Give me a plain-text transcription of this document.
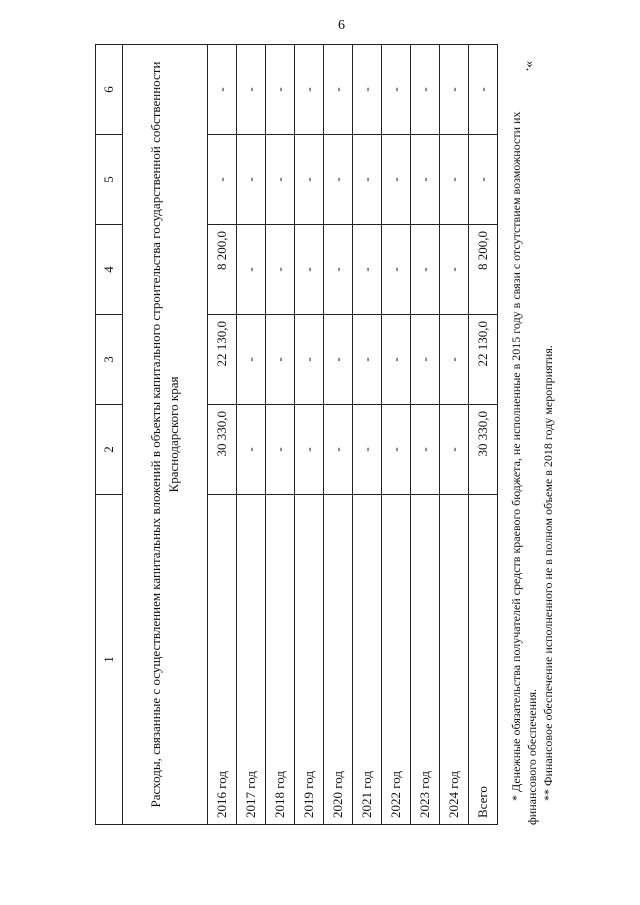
6
».
1	2	3	4	5	6
Расходы, связанные с осуществлением капитальных вложений в объекты капитального строительства государственной собственности Краснодарского края					
2016 год	30 330,0	22 130,0	8 200,0	-	-
2017 год	-	-	-	-	-
2018 год	-	-	-	-	-
2019 год	-	-	-	-	-
2020 год	-	-	-	-	-
2021 год	-	-	-	-	-
2022 год	-	-	-	-	-
2023 год	-	-	-	-	-
2024 год	-	-	-	-	-
Всего	30 330,0	22 130,0	8 200,0	-	-

* Денежные обязательства получателей средств краевого бюджета, не исполненные в 2015 году в связи с отсутствием возможности их финансового обеспечения. ** Финансовое обеспечение исполненного не в полном объеме в 2018 году мероприятия.
